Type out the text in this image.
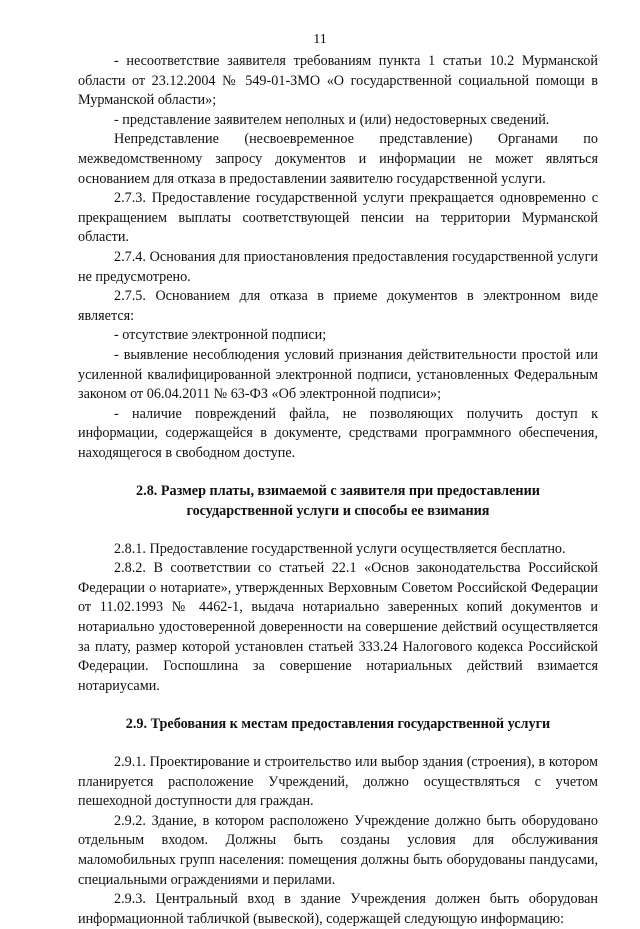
11

- несоответствие заявителя требованиям пункта 1 статьи 10.2 Мурманской области от 23.12.2004 № 549-01-ЗМО «О государственной социальной помощи в Мурманской области»;

- представление заявителем неполных и (или) недостоверных сведений.

Непредставление (несвоевременное представление) Органами по межведомственному запросу документов и информации не может являться основанием для отказа в предоставлении заявителю государственной услуги.

2.7.3. Предоставление государственной услуги прекращается одновременно с прекращением выплаты соответствующей пенсии на территории Мурманской области.

2.7.4. Основания для приостановления предоставления государственной услуги не предусмотрено.

2.7.5. Основанием для отказа в приеме документов в электронном виде является:

- отсутствие электронной подписи;

- выявление несоблюдения условий признания действительности простой или усиленной квалифицированной электронной подписи, установленных Федеральным законом от 06.04.2011 № 63-ФЗ «Об электронной подписи»;

- наличие повреждений файла, не позволяющих получить доступ к информации, содержащейся в документе, средствами программного обеспечения, находящегося в свободном доступе.

2.8. Размер платы, взимаемой с заявителя при предоставлении
государственной услуги и способы ее взимания

2.8.1. Предоставление государственной услуги осуществляется бесплатно.

2.8.2. В соответствии со статьей 22.1 «Основ законодательства Российской Федерации о нотариате», утвержденных Верховным Советом Российской Федерации от 11.02.1993 № 4462-1, выдача нотариально заверенных копий документов и нотариально удостоверенной доверенности на совершение действий осуществляется за плату, размер которой установлен статьей 333.24 Налогового кодекса Российской Федерации. Госпошлина за совершение нотариальных действий взимается нотариусами.

2.9. Требования к местам предоставления государственной услуги

2.9.1. Проектирование и строительство или выбор здания (строения), в котором планируется расположение Учреждений, должно осуществляться с учетом пешеходной доступности для граждан.

2.9.2. Здание, в котором расположено Учреждение должно быть оборудовано отдельным входом. Должны быть созданы условия для обслуживания маломобильных групп населения: помещения должны быть оборудованы пандусами, специальными ограждениями и перилами.

2.9.3. Центральный вход в здание Учреждения должен быть оборудован информационной табличкой (вывеской), содержащей следующую информацию:
